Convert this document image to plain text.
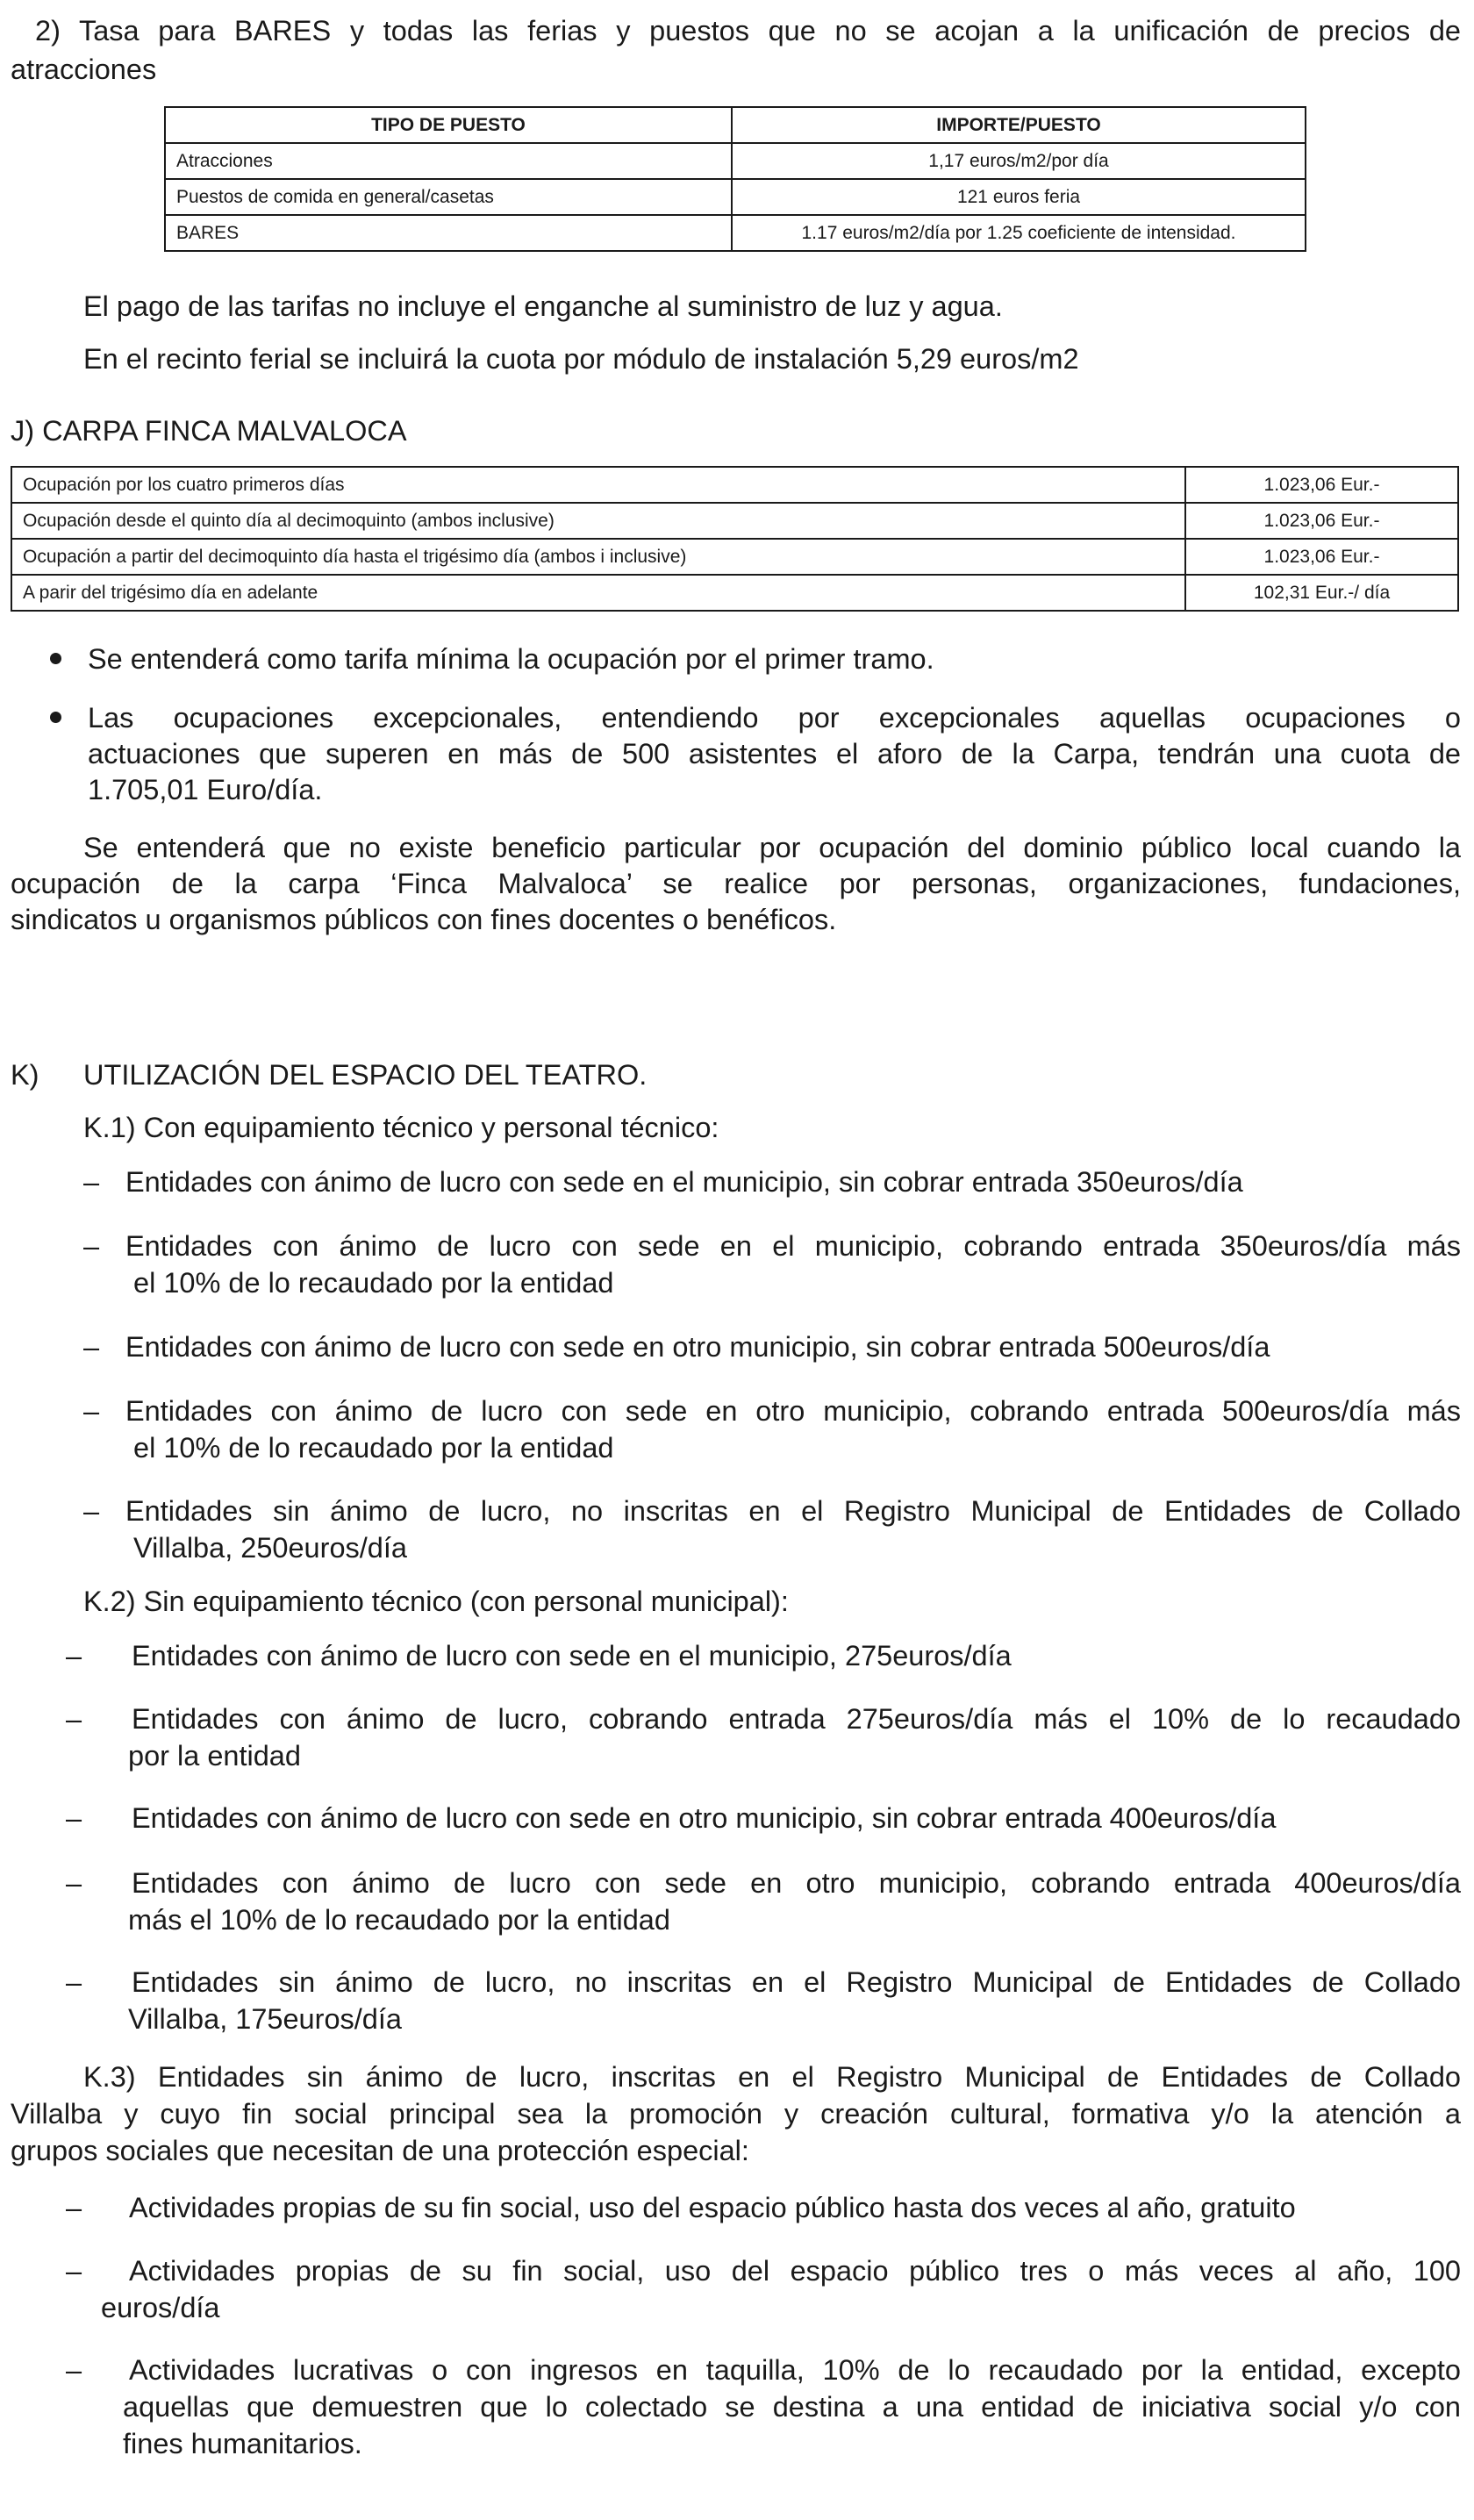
2) Tasa para BARES y todas las ferias y puestos que no se acojan a la unificación de precios de

atracciones

TIPO DE PUESTO	IMPORTE/PUESTO
Atracciones	1,17 euros/m2/por día
Puestos de comida en general/casetas	121 euros feria
BARES	1.17 euros/m2/día por 1.25 coeficiente de intensidad.

El pago de las tarifas no incluye el enganche al suministro de luz y agua.

En el recinto ferial se incluirá la cuota por módulo de instalación 5,29 euros/m2

J) CARPA FINCA MALVALOCA

Ocupación por los cuatro primeros días	1.023,06 Eur.-
Ocupación desde el quinto día al decimoquinto (ambos inclusive)	1.023,06 Eur.-
Ocupación a partir del decimoquinto día hasta el trigésimo día (ambos i inclusive)	1.023,06 Eur.-
A parir del trigésimo día en adelante	102,31 Eur.-/ día

Se entenderá como tarifa mínima la ocupación por el primer tramo.

Las ocupaciones excepcionales, entendiendo por excepcionales aquellas ocupaciones o

actuaciones que superen en más de 500 asistentes el aforo de la Carpa, tendrán una cuota de

1.705,01 Euro/día.

Se entenderá que no existe beneficio particular por ocupación del dominio público local cuando la

ocupación de la carpa ‘Finca Malvaloca’ se realice por personas, organizaciones, fundaciones,

sindicatos u organismos públicos con fines docentes o benéficos.

K) UTILIZACIÓN DEL ESPACIO DEL TEATRO.

K.1) Con equipamiento técnico y personal técnico:

– Entidades con ánimo de lucro con sede en el municipio, sin cobrar entrada 350euros/día

– Entidades con ánimo de lucro con sede en el municipio, cobrando entrada 350euros/día más

el 10% de lo recaudado por la entidad

– Entidades con ánimo de lucro con sede en otro municipio, sin cobrar entrada 500euros/día

– Entidades con ánimo de lucro con sede en otro municipio, cobrando entrada 500euros/día más

el 10% de lo recaudado por la entidad

– Entidades sin ánimo de lucro, no inscritas en el Registro Municipal de Entidades de Collado

Villalba, 250euros/día

K.2) Sin equipamiento técnico (con personal municipal):

– Entidades con ánimo de lucro con sede en el municipio, 275euros/día

– Entidades con ánimo de lucro, cobrando entrada 275euros/día más el 10% de lo recaudado

por la entidad

– Entidades con ánimo de lucro con sede en otro municipio, sin cobrar entrada 400euros/día

– Entidades con ánimo de lucro con sede en otro municipio, cobrando entrada 400euros/día

más el 10% de lo recaudado por la entidad

– Entidades sin ánimo de lucro, no inscritas en el Registro Municipal de Entidades de Collado

Villalba, 175euros/día

K.3) Entidades sin ánimo de lucro, inscritas en el Registro Municipal de Entidades de Collado

Villalba y cuyo fin social principal sea la promoción y creación cultural, formativa y/o la atención a

grupos sociales que necesitan de una protección especial:

– Actividades propias de su fin social, uso del espacio público hasta dos veces al año, gratuito

– Actividades propias de su fin social, uso del espacio público tres o más veces al año, 100

euros/día

– Actividades lucrativas o con ingresos en taquilla, 10% de lo recaudado por la entidad, excepto

aquellas que demuestren que lo colectado se destina a una entidad de iniciativa social y/o con

fines humanitarios.
